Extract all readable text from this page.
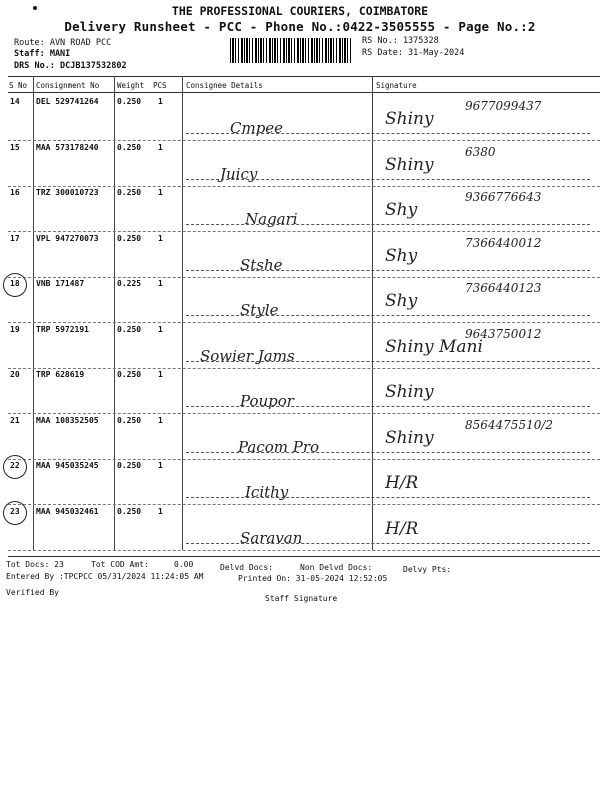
THE PROFESSIONAL COURIERS, COIMBATORE
Delivery Runsheet - PCC - Phone No.:0422-3505555 - Page No.:2
Route: AVN ROAD PCC
Staff: MANI
DRS No.: DCJB137532802
RS No.: 1375328
RS Date: 31-May-2024
S No Consignment No Weight PCS	Consignee Details	Signature
14 DEL 529741264 0.250 1
Cmpee	Shiny
9677099437
15 MAA 573178240 0.250 1
Juicy	Shiny
6380
16 TRZ 300010723 0.250 1
Nagari	Shy
9366776643
17 VPL 947270073 0.250 1
Stshe	Shy
7366440012
18 VNB 171487	0.225 1
Style	Shy
7366440123
19 TRP 5972191	0.250 1
Sowier Jams	Shiny Mani
9643750012
20 TRP 628619	0.250 1
Poupor	Shiny
21 MAA 108352505 0.250 1
Pacom Pro	Shiny
8564475510/2
22 MAA 945035245 0.250 1
Icithy	H/R
23 MAA 945032461 0.250 1
Saravan	H/R
Tot Docs: 23	Tot COD Amt:	0.00	Delvd Docs:	Non Delvd Docs:	Delvy Pts:
Entered By :TPCPCC 05/31/2024 11:24:05 AM	Printed On: 31-05-2024 12:52:05
Verified By
Staff Signature
